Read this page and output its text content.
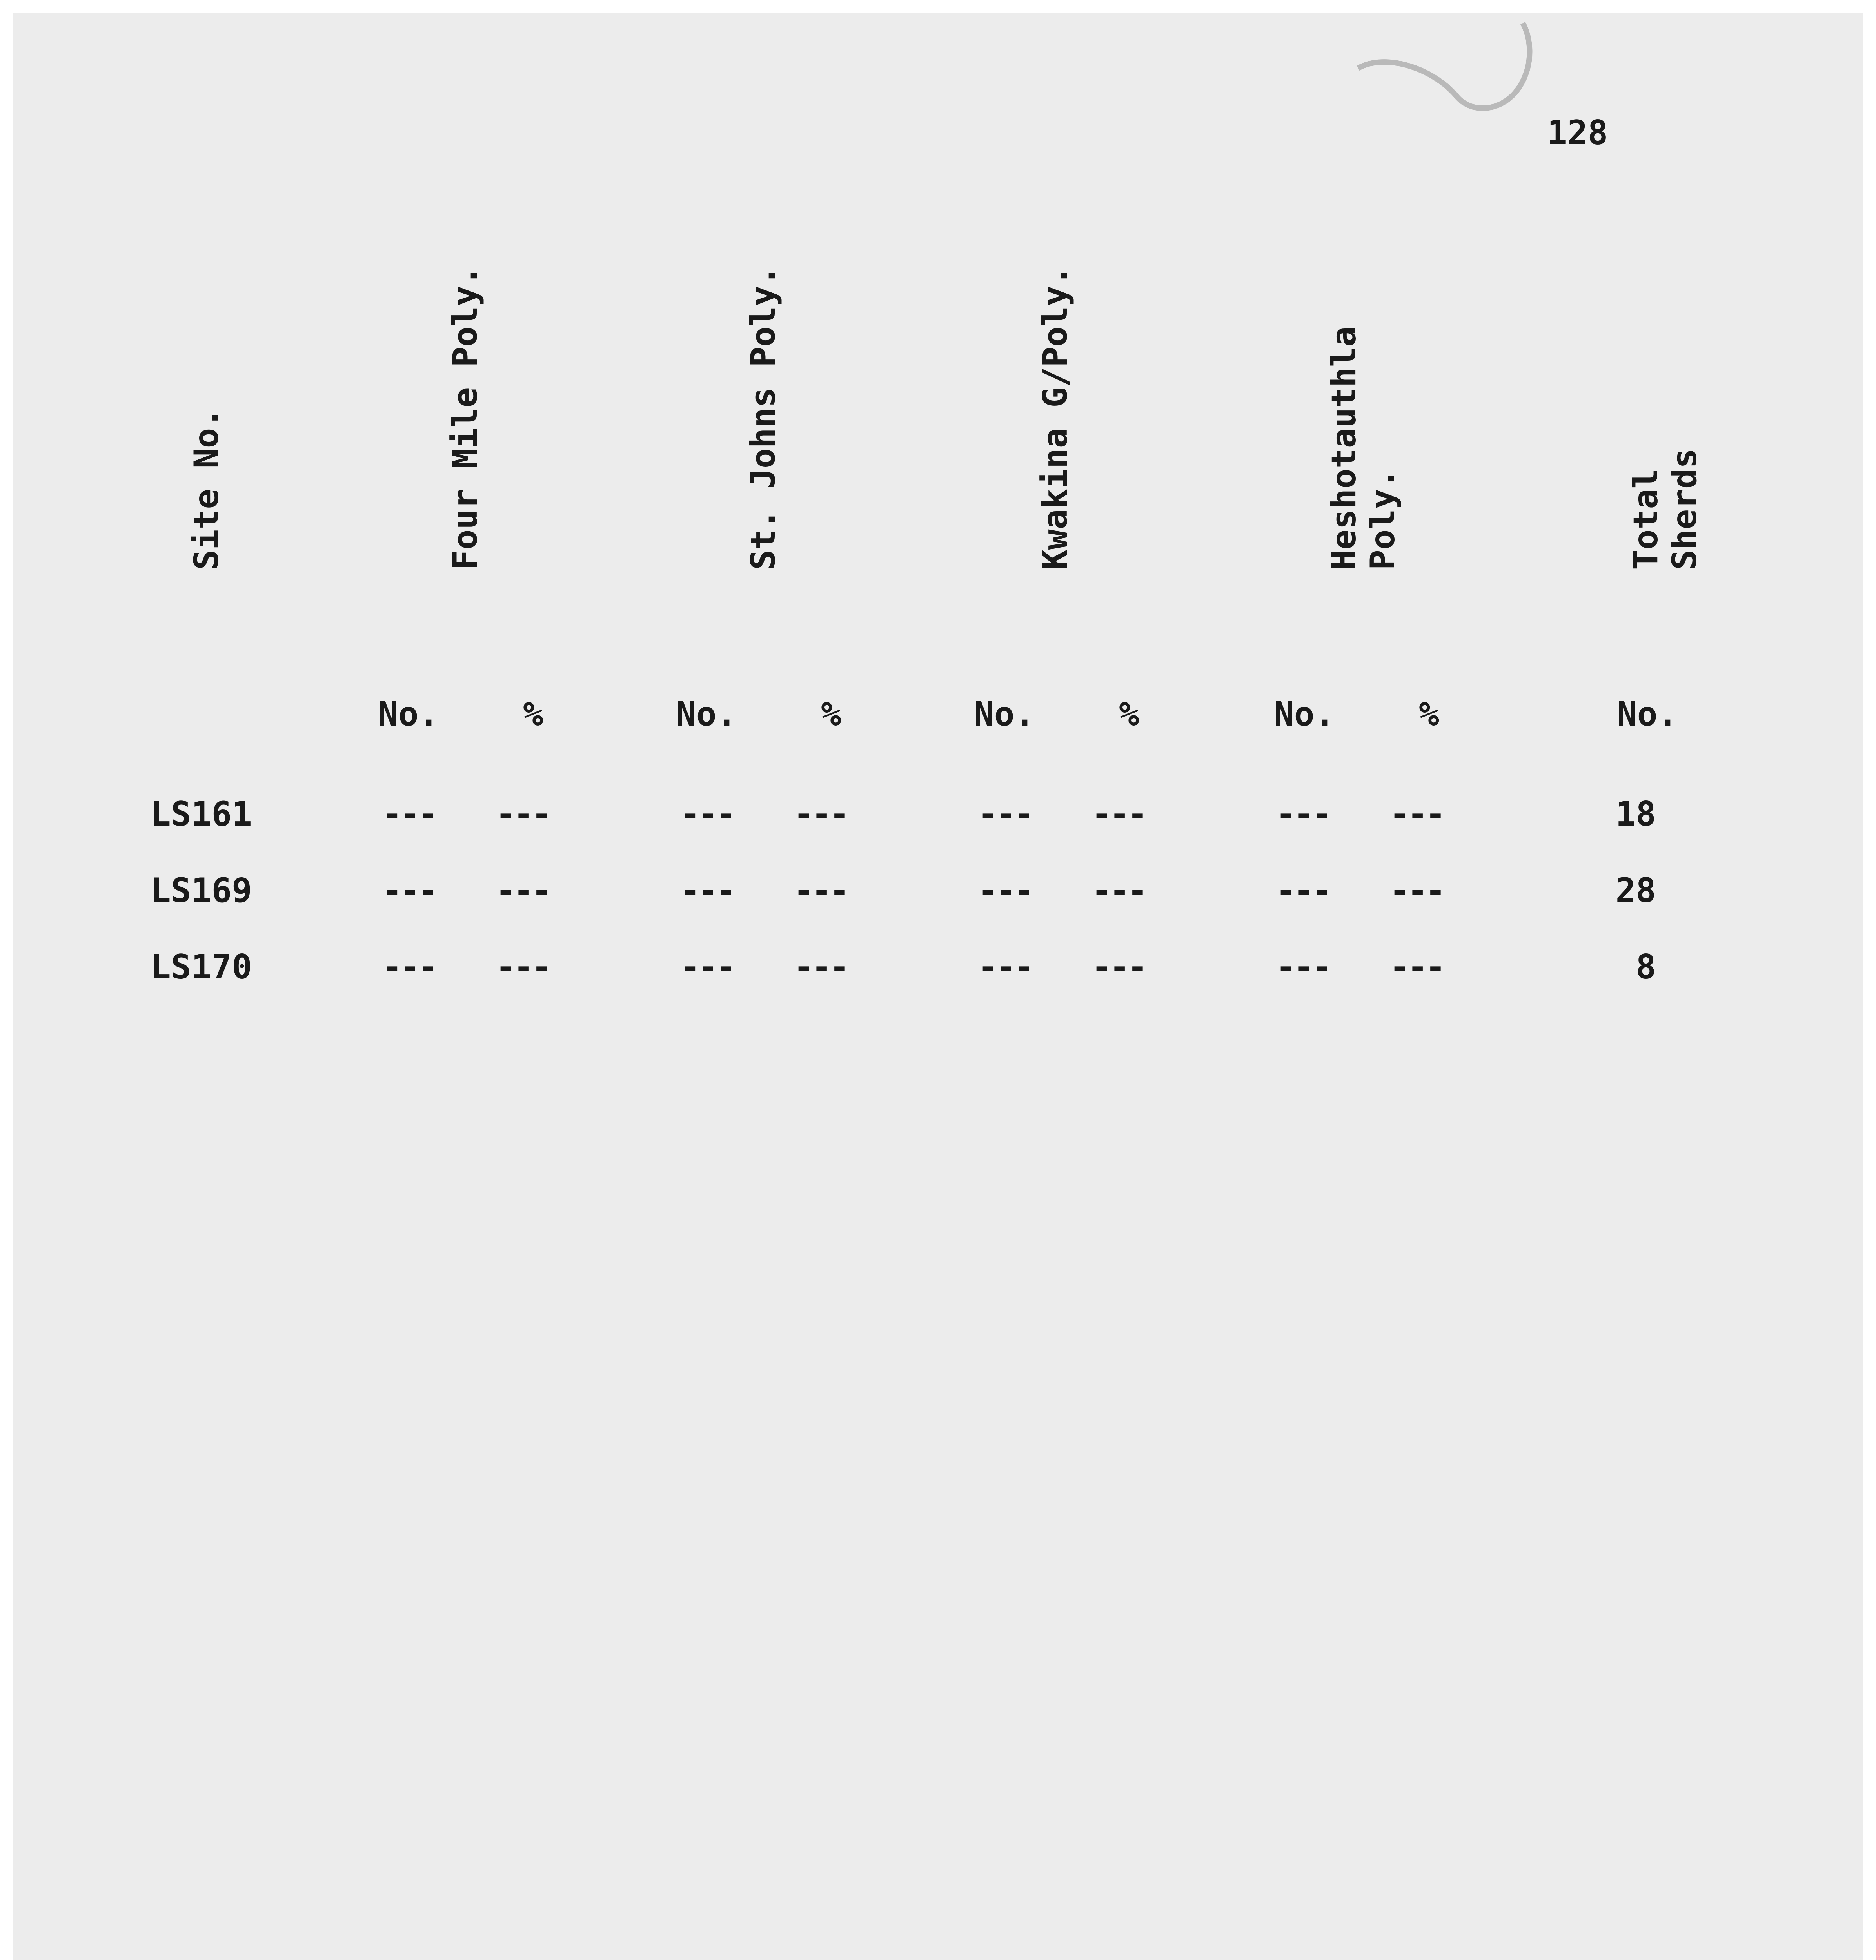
128
Site No.	Four Mile Poly.	St. Johns Poly.	Kwakina G/Poly.	Heshotauthla
Poly.	Total
Sherds
No. %	No. %	No. %	No. %	No.
LS161	--- ---	--- ---	--- ---	--- ---	18
LS169	--- ---	--- ---	--- ---	--- ---	28
LS170	--- ---	--- ---	--- ---	--- ---	8
